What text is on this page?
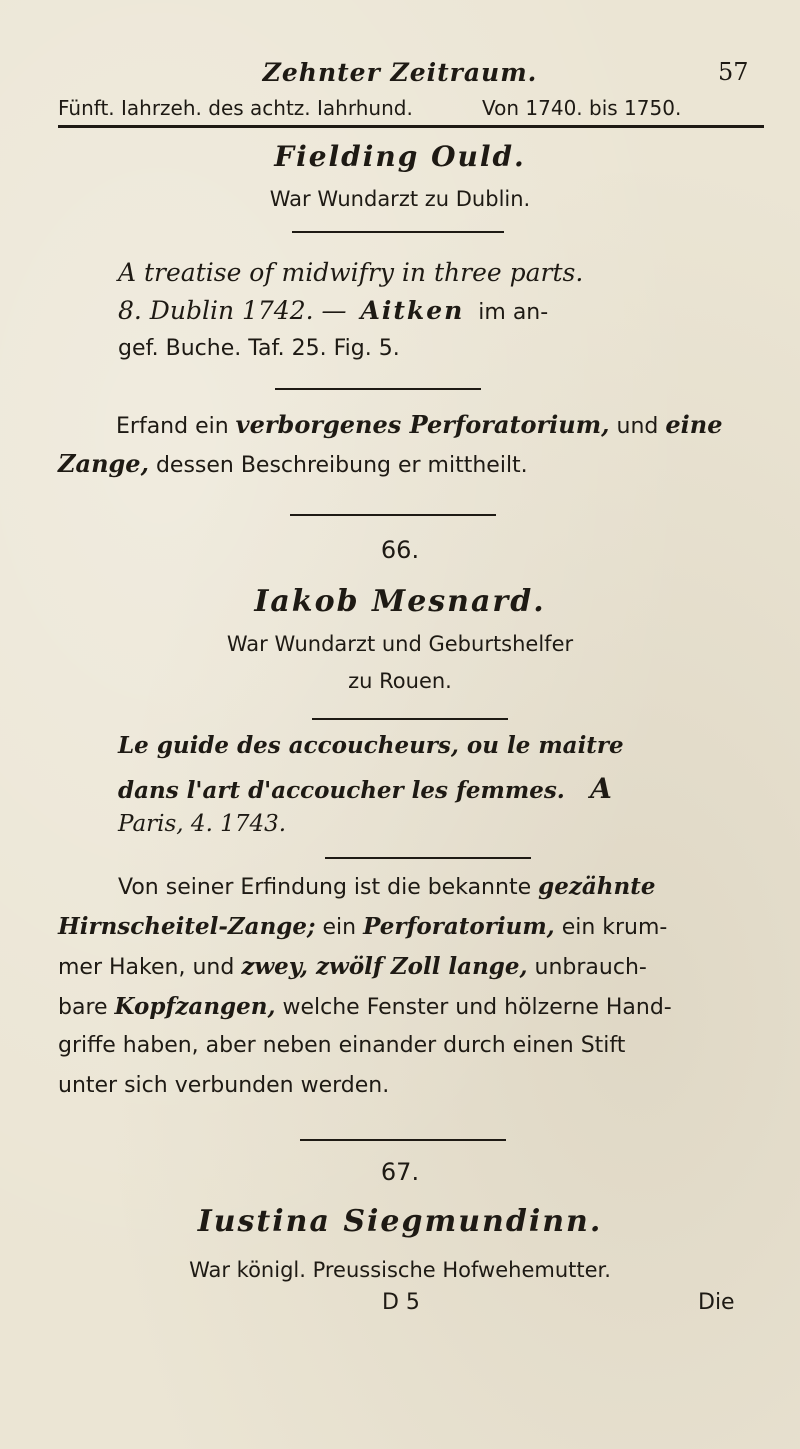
Zehnter Zeitraum.	57
Fünft. Iahrzeh. des achtz. Iahrhund.	Von 1740. bis 1750.
Fielding Ould.
War Wundarzt zu Dublin.
A treatise of midwifry in three parts.
8. Dublin 1742. — Aitken im an-
gef. Buche. Taf. 25. Fig. 5.
Erfand ein verborgenes Perforatorium, und eine
Zange, dessen Beschreibung er mittheilt.
66.
Iakob Mesnard.
War Wundarzt und Geburtshelfer
zu Rouen.
Le guide des accoucheurs, ou le maitre
dans l'art d'accoucher les femmes. A
Paris, 4. 1743.
Von seiner Erfindung ist die bekannte gezähnte
Hirnscheitel-Zange; ein Perforatorium, ein krum-
mer Haken, und zwey, zwölf Zoll lange, unbrauch-
bare Kopfzangen, welche Fenster und hölzerne Hand-
griffe haben, aber neben einander durch einen Stift
unter sich verbunden werden.
67.
Iustina Siegmundinn.
War königl. Preussische Hofwehemutter.
D 5	Die
